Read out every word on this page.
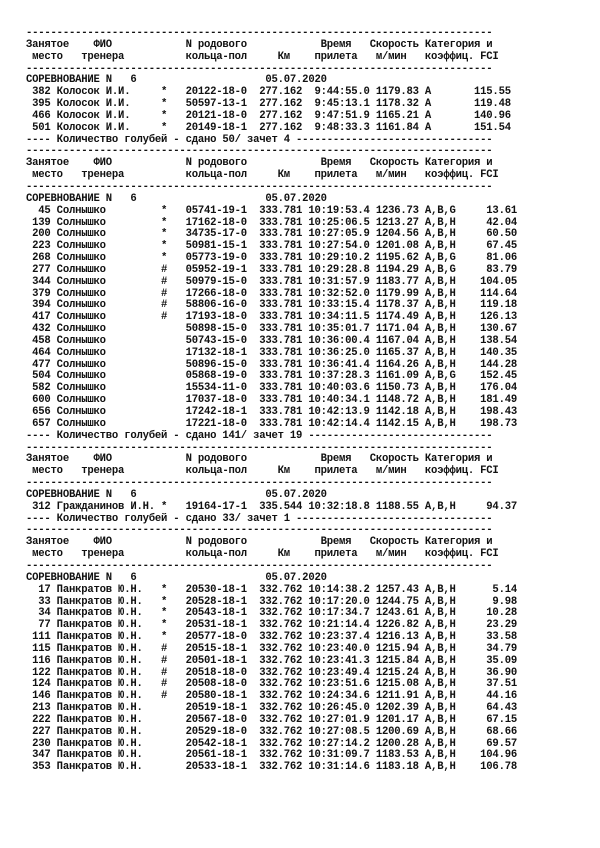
----------------------------------------------------------------------------
Занятое    ФИО            N родового            Время   Скорость Категория и
место   тренера          кольца-пол     Км    прилета   м/мин   коэффиц. FCI
----------------------------------------------------------------------------
СОРЕВНОВАНИЕ N   6                     05.07.2020
382 Колосок И.И.     *   20122-18-0  277.162  9:44:55.0 1179.83 A       115.55
395 Колосок И.И.     *   50597-13-1  277.162  9:45:13.1 1178.32 A       119.48
466 Колосок И.И.     *   20121-18-0  277.162  9:47:51.9 1165.21 A       140.96
501 Колосок И.И.     *   20149-18-1  277.162  9:48:33.3 1161.84 A       151.54
---- Количество голубей - сдано 50/ зачет 4 --------------------------------
----------------------------------------------------------------------------
Занятое    ФИО            N родового            Время   Скорость Категория и
место   тренера          кольца-пол     Км    прилета   м/мин   коэффиц. FCI
----------------------------------------------------------------------------
СОРЕВНОВАНИЕ N   6                     05.07.2020
45 Солнышко         *   05741-19-1  333.781 10:19:53.4 1236.73 A,B,G     13.61
139 Солнышко         *   17162-18-0  333.781 10:25:06.5 1213.27 A,B,H     42.04
200 Солнышко         *   34735-17-0  333.781 10:27:05.9 1204.56 A,B,H     60.50
223 Солнышко         *   50981-15-1  333.781 10:27:54.0 1201.08 A,B,H     67.45
268 Солнышко         *   05773-19-0  333.781 10:29:10.2 1195.62 A,B,G     81.06
277 Солнышко         #   05952-19-1  333.781 10:29:28.8 1194.29 A,B,G     83.79
344 Солнышко         #   50979-15-0  333.781 10:31:57.9 1183.77 A,B,H    104.05
379 Солнышко         #   17266-18-0  333.781 10:32:52.0 1179.99 A,B,H    114.64
394 Солнышко         #   58806-16-0  333.781 10:33:15.4 1178.37 A,B,H    119.18
417 Солнышко         #   17193-18-0  333.781 10:34:11.5 1174.49 A,B,H    126.13
432 Солнышко             50898-15-0  333.781 10:35:01.7 1171.04 A,B,H    130.67
458 Солнышко             50743-15-0  333.781 10:36:00.4 1167.04 A,B,H    138.54
464 Солнышко             17132-18-1  333.781 10:36:25.0 1165.37 A,B,H    140.35
477 Солнышко             50896-15-0  333.781 10:36:41.4 1164.26 A,B,H    144.28
504 Солнышко             05868-19-0  333.781 10:37:28.3 1161.09 A,B,G    152.45
582 Солнышко             15534-11-0  333.781 10:40:03.6 1150.73 A,B,H    176.04
600 Солнышко             17037-18-0  333.781 10:40:34.1 1148.72 A,B,H    181.49
656 Солнышко             17242-18-1  333.781 10:42:13.9 1142.18 A,B,H    198.43
657 Солнышко             17221-18-0  333.781 10:42:14.4 1142.15 A,B,H    198.73
---- Количество голубей - сдано 141/ зачет 19 ------------------------------
----------------------------------------------------------------------------
Занятое    ФИО            N родового            Время   Скорость Категория и
место   тренера          кольца-пол     Км    прилета   м/мин   коэффиц. FCI
----------------------------------------------------------------------------
СОРЕВНОВАНИЕ N   6                     05.07.2020
312 Гражданинов И.Н. *   19164-17-1  335.544 10:32:18.8 1188.55 A,B,H     94.37
---- Количество голубей - сдано 33/ зачет 1 --------------------------------
----------------------------------------------------------------------------
Занятое    ФИО            N родового            Время   Скорость Категория и
место   тренера          кольца-пол     Км    прилета   м/мин   коэффиц. FCI
----------------------------------------------------------------------------
СОРЕВНОВАНИЕ N   6                     05.07.2020
17 Панкратов Ю.Н.   *   20530-18-1  332.762 10:14:38.2 1257.43 A,B,H      5.14
33 Панкратов Ю.Н.   *   20528-18-1  332.762 10:17:20.0 1244.75 A,B,H      9.98
34 Панкратов Ю.Н.   *   20543-18-1  332.762 10:17:34.7 1243.61 A,B,H     10.28
77 Панкратов Ю.Н.   *   20531-18-1  332.762 10:21:14.4 1226.82 A,B,H     23.29
111 Панкратов Ю.Н.   *   20577-18-0  332.762 10:23:37.4 1216.13 A,B,H     33.58
115 Панкратов Ю.Н.   #   20515-18-1  332.762 10:23:40.0 1215.94 A,B,H     34.79
116 Панкратов Ю.Н.   #   20501-18-1  332.762 10:23:41.3 1215.84 A,B,H     35.09
122 Панкратов Ю.Н.   #   20518-18-0  332.762 10:23:49.4 1215.24 A,B,H     36.90
124 Панкратов Ю.Н.   #   20508-18-0  332.762 10:23:51.6 1215.08 A,B,H     37.51
146 Панкратов Ю.Н.   #   20580-18-1  332.762 10:24:34.6 1211.91 A,B,H     44.16
213 Панкратов Ю.Н.       20519-18-1  332.762 10:26:45.0 1202.39 A,B,H     64.43
222 Панкратов Ю.Н.       20567-18-0  332.762 10:27:01.9 1201.17 A,B,H     67.15
227 Панкратов Ю.Н.       20529-18-0  332.762 10:27:08.5 1200.69 A,B,H     68.66
230 Панкратов Ю.Н.       20542-18-1  332.762 10:27:14.2 1200.28 A,B,H     69.57
347 Панкратов Ю.Н.       20561-18-1  332.762 10:31:09.7 1183.53 A,B,H    104.96
353 Панкратов Ю.Н.       20533-18-1  332.762 10:31:14.6 1183.18 A,B,H    106.78
